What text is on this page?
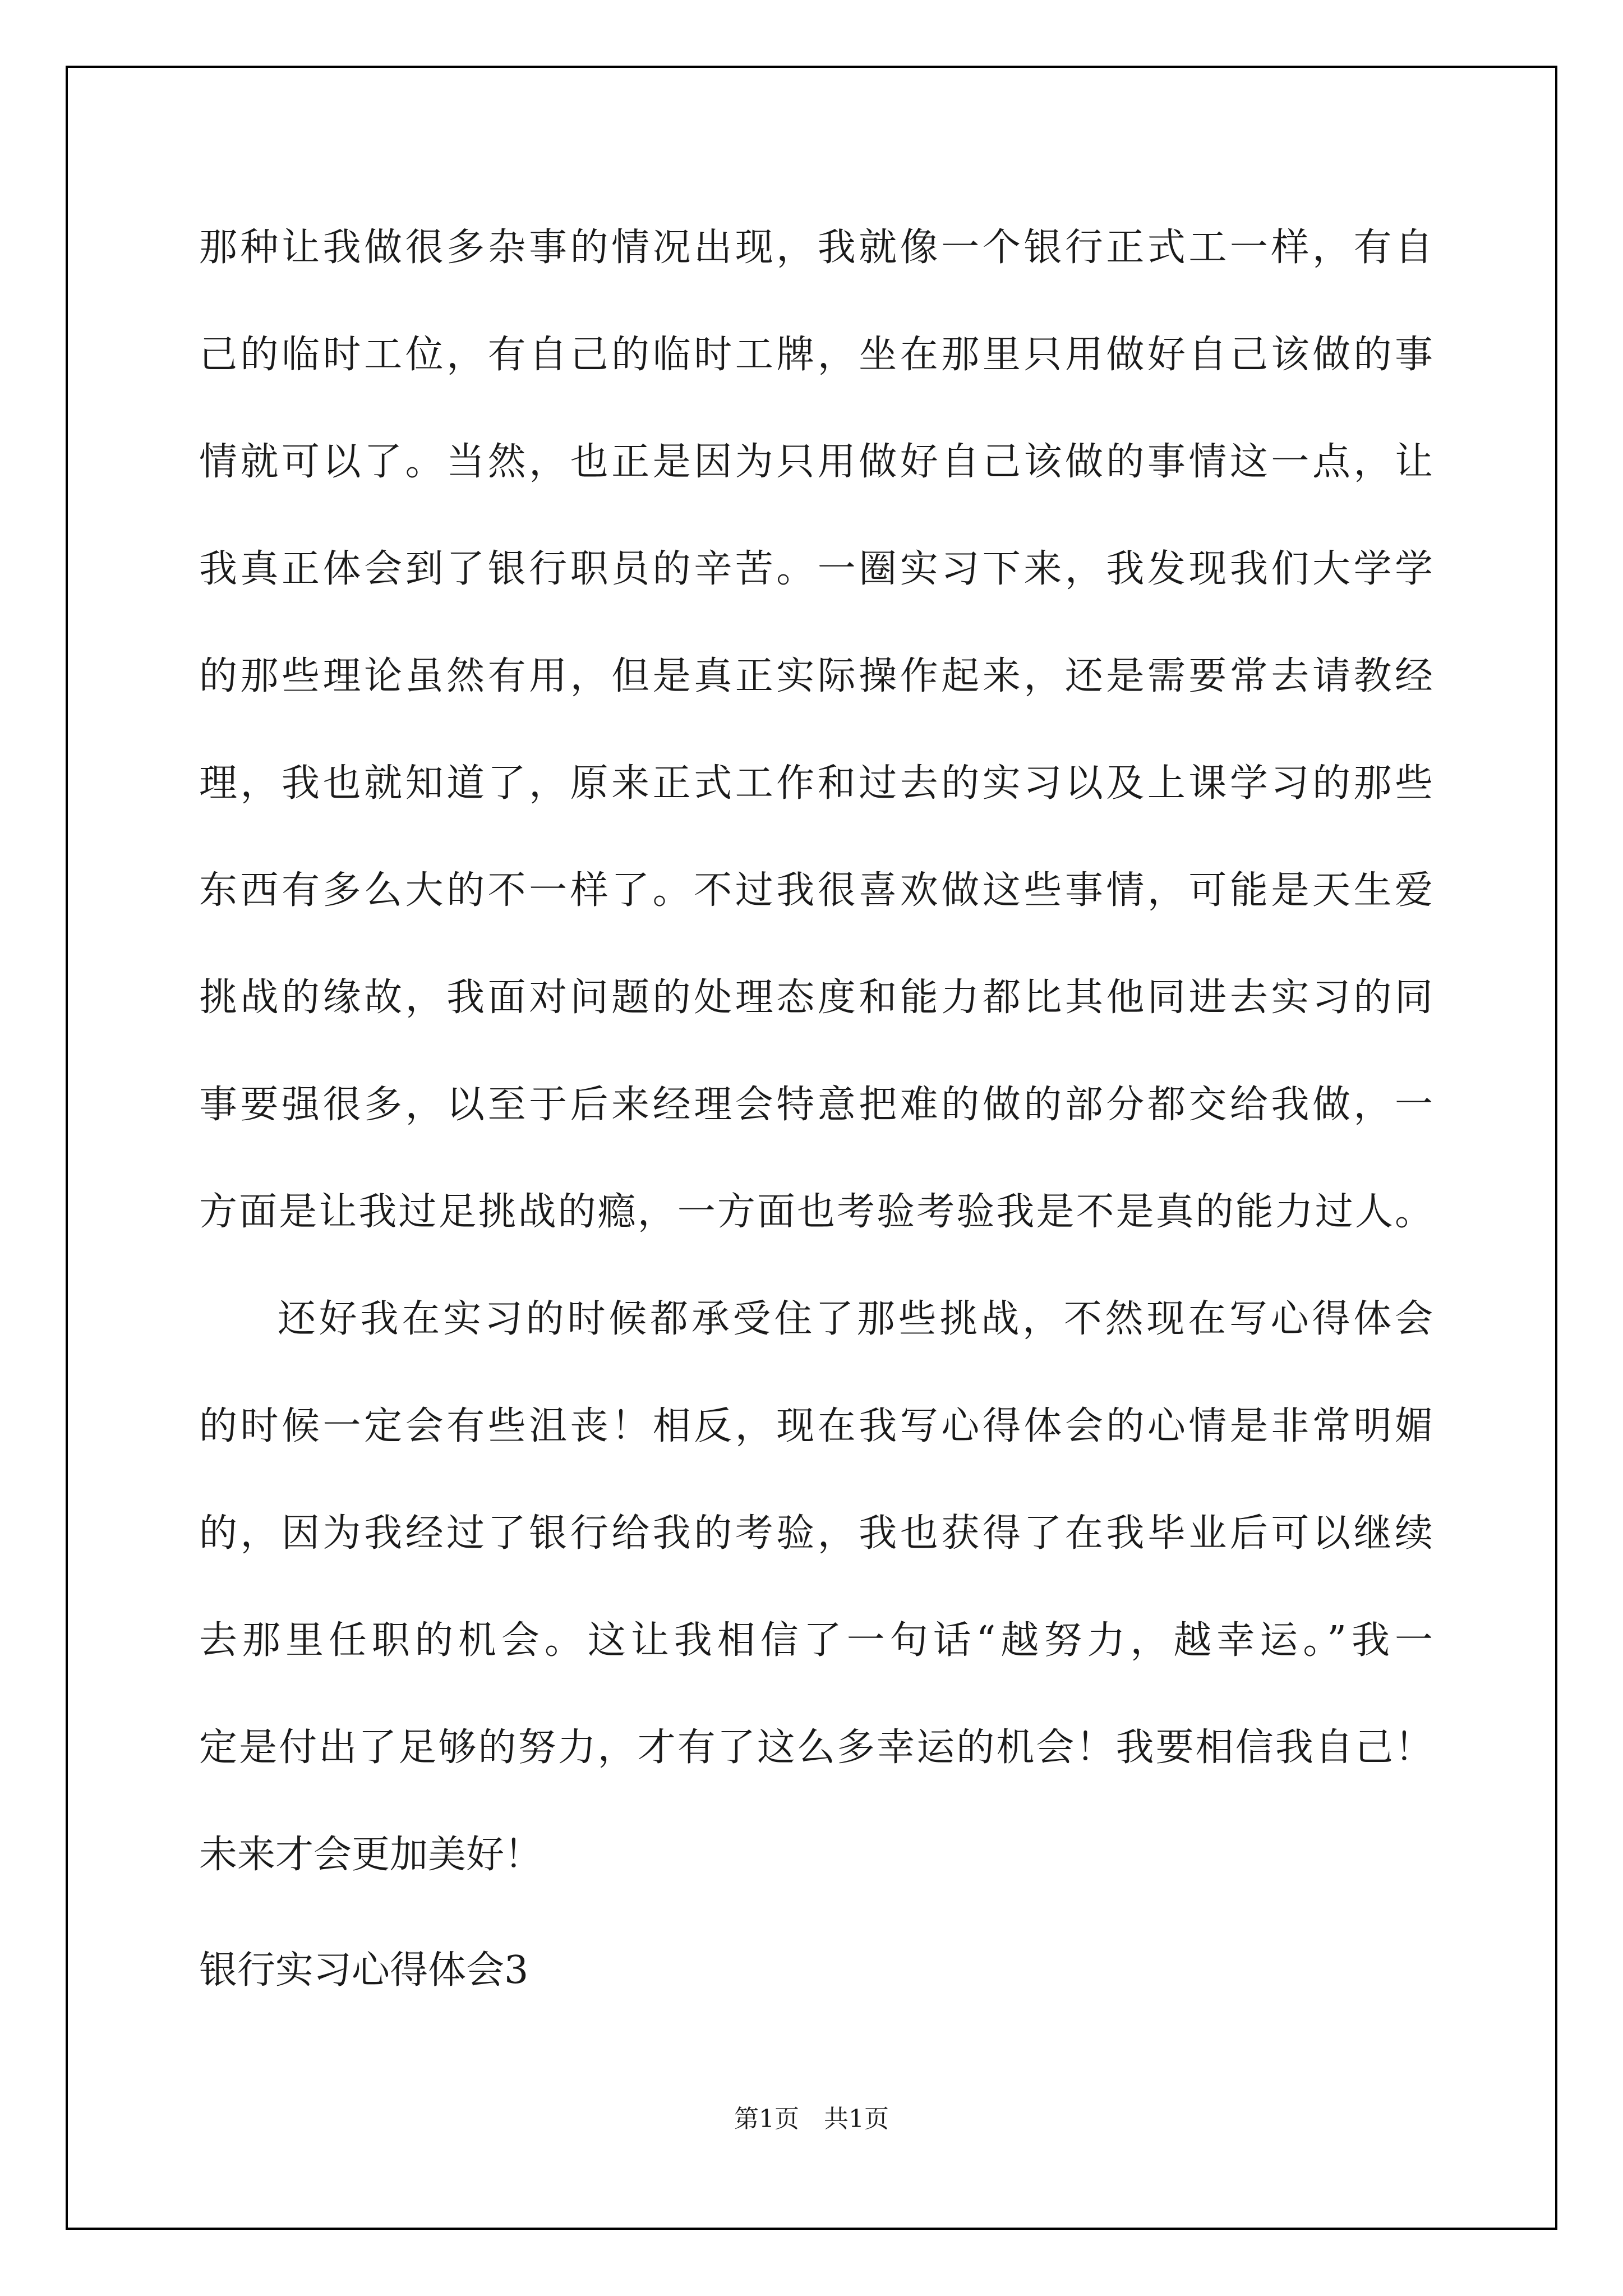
那种让我做很多杂事的情况出现，我就像一个银行正式工一样，有自
己的临时工位，有自己的临时工牌，坐在那里只用做好自己该做的事
情就可以了。当然，也正是因为只用做好自己该做的事情这一点，让
我真正体会到了银行职员的辛苦。一圈实习下来，我发现我们大学学
的那些理论虽然有用，但是真正实际操作起来，还是需要常去请教经
理，我也就知道了，原来正式工作和过去的实习以及上课学习的那些
东西有多么大的不一样了。不过我很喜欢做这些事情，可能是天生爱
挑战的缘故，我面对问题的处理态度和能力都比其他同进去实习的同
事要强很多，以至于后来经理会特意把难的做的部分都交给我做，一
方面是让我过足挑战的瘾，一方面也考验考验我是不是真的能力过人。
还好我在实习的时候都承受住了那些挑战，不然现在写心得体会
的时候一定会有些沮丧！相反，现在我写心得体会的心情是非常明媚
的，因为我经过了银行给我的考验，我也获得了在我毕业后可以继续
去那里任职的机会。这让我相信了一句话“越努力，越幸运。”我一
定是付出了足够的努力，才有了这么多幸运的机会！我要相信我自己！
未来才会更加美好！
银行实习心得体会3
第1页　共1页
